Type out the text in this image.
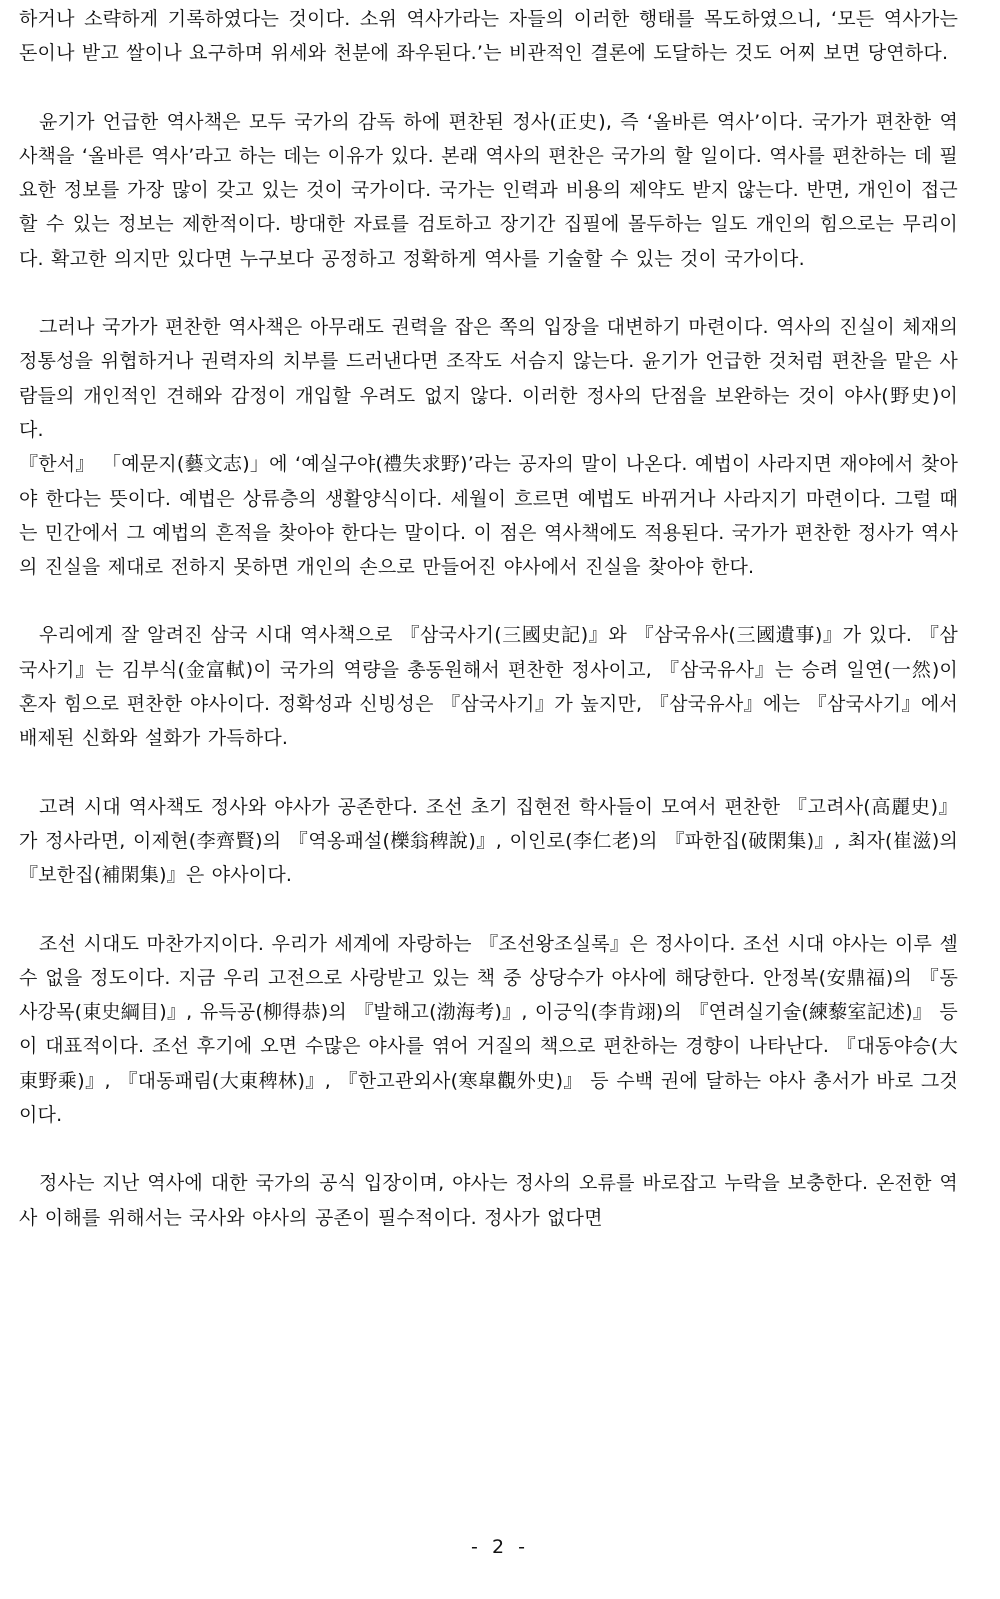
하거나 소략하게 기록하였다는 것이다. 소위 역사가라는 자들의 이러한 행태를 목도하였으니, ‘모든 역사가는 돈이나 받고 쌀이나 요구하며 위세와 천분에 좌우된다.’는 비관적인 결론에 도달하는 것도 어찌 보면 당연하다.

윤기가 언급한 역사책은 모두 국가의 감독 하에 편찬된 정사(正史), 즉 ‘올바른 역사’이다. 국가가 편찬한 역사책을 ‘올바른 역사’라고 하는 데는 이유가 있다. 본래 역사의 편찬은 국가의 할 일이다. 역사를 편찬하는 데 필요한 정보를 가장 많이 갖고 있는 것이 국가이다. 국가는 인력과 비용의 제약도 받지 않는다. 반면, 개인이 접근할 수 있는 정보는 제한적이다. 방대한 자료를 검토하고 장기간 집필에 몰두하는 일도 개인의 힘으로는 무리이다. 확고한 의지만 있다면 누구보다 공정하고 정확하게 역사를 기술할 수 있는 것이 국가이다.

그러나 국가가 편찬한 역사책은 아무래도 권력을 잡은 쪽의 입장을 대변하기 마련이다. 역사의 진실이 체재의 정통성을 위협하거나 권력자의 치부를 드러낸다면 조작도 서슴지 않는다. 윤기가 언급한 것처럼 편찬을 맡은 사람들의 개인적인 견해와 감정이 개입할 우려도 없지 않다. 이러한 정사의 단점을 보완하는 것이 야사(野史)이다.

『한서』 「예문지(藝文志)」에 ‘예실구야(禮失求野)’라는 공자의 말이 나온다. 예법이 사라지면 재야에서 찾아야 한다는 뜻이다. 예법은 상류층의 생활양식이다. 세월이 흐르면 예법도 바뀌거나 사라지기 마련이다. 그럴 때는 민간에서 그 예법의 흔적을 찾아야 한다는 말이다. 이 점은 역사책에도 적용된다. 국가가 편찬한 정사가 역사의 진실을 제대로 전하지 못하면 개인의 손으로 만들어진 야사에서 진실을 찾아야 한다.

우리에게 잘 알려진 삼국 시대 역사책으로 『삼국사기(三國史記)』와 『삼국유사(三國遺事)』가 있다. 『삼국사기』는 김부식(金富軾)이 국가의 역량을 총동원해서 편찬한 정사이고, 『삼국유사』는 승려 일연(一然)이 혼자 힘으로 편찬한 야사이다. 정확성과 신빙성은 『삼국사기』가 높지만, 『삼국유사』에는 『삼국사기』에서 배제된 신화와 설화가 가득하다.

고려 시대 역사책도 정사와 야사가 공존한다. 조선 초기 집현전 학사들이 모여서 편찬한 『고려사(高麗史)』가 정사라면, 이제현(李齊賢)의 『역옹패설(櫟翁稗說)』, 이인로(李仁老)의 『파한집(破閑集)』, 최자(崔滋)의 『보한집(補閑集)』은 야사이다.

조선 시대도 마찬가지이다. 우리가 세계에 자랑하는 『조선왕조실록』은 정사이다. 조선 시대 야사는 이루 셀 수 없을 정도이다. 지금 우리 고전으로 사랑받고 있는 책 중 상당수가 야사에 해당한다. 안정복(安鼎福)의 『동사강목(東史綱目)』, 유득공(柳得恭)의 『발해고(渤海考)』, 이긍익(李肯翊)의 『연려실기술(練藜室記述)』 등이 대표적이다. 조선 후기에 오면 수많은 야사를 엮어 거질의 책으로 편찬하는 경향이 나타난다. 『대동야승(大東野乘)』, 『대동패림(大東稗林)』, 『한고관외사(寒皐觀外史)』 등 수백 권에 달하는 야사 총서가 바로 그것이다.

정사는 지난 역사에 대한 국가의 공식 입장이며, 야사는 정사의 오류를 바로잡고 누락을 보충한다. 온전한 역사 이해를 위해서는 국사와 야사의 공존이 필수적이다. 정사가 없다면

- 2 -
